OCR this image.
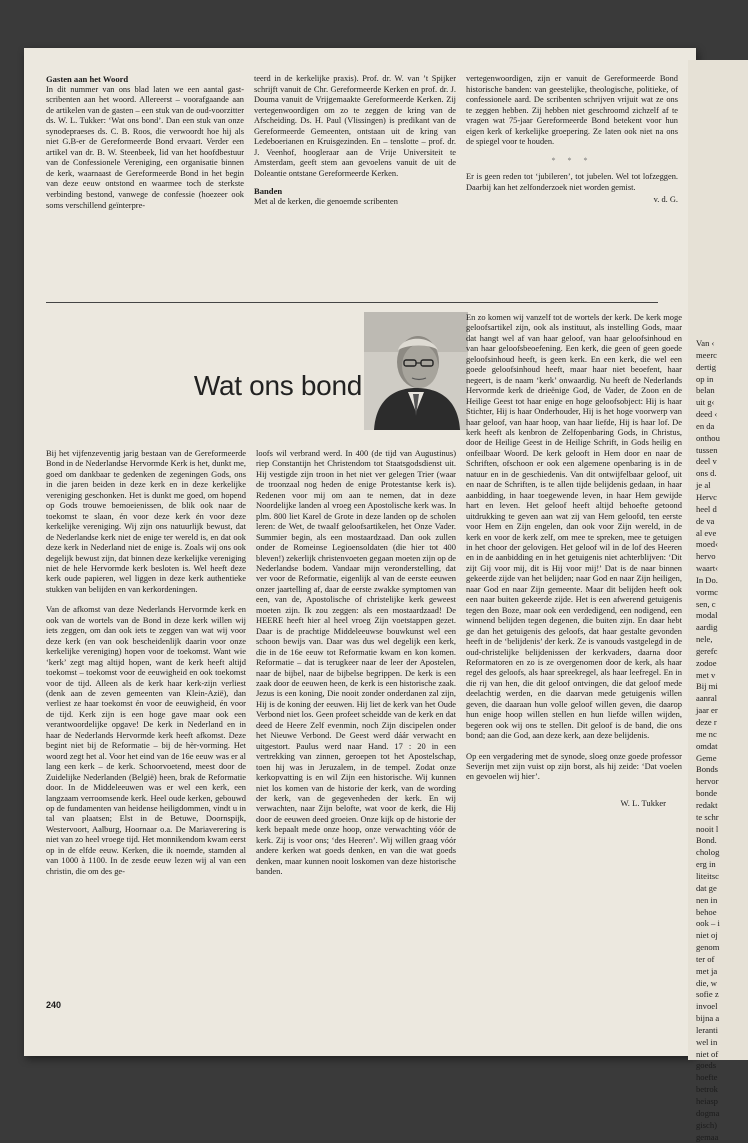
Gasten aan het Woord

In dit nummer van ons blad laten we een aantal gast-scribenten aan het woord. Allereerst – voorafgaande aan de artikelen van de gasten – een stuk van de oud-voorzitter ds. W. L. Tukker: ‘Wat ons bond’. Dan een stuk van onze synodepraeses ds. C. B. Roos, die verwoordt hoe hij als niet G.B-er de Gereformeerde Bond ervaart. Verder een artikel van dr. B. W. Steenbeek, lid van het hoofdbestuur van de Confessionele Vereniging, een organisatie binnen de kerk, waarnaast de Gereformeerde Bond in het begin van deze eeuw ontstond en waarmee toch de sterkste verbinding bestond, vanwege de confessie (hoezeer ook soms verschillend geïnterpre-

teerd in de kerkelijke praxis). Prof. dr. W. van ’t Spijker schrijft vanuit de Chr. Gereformeerde Kerken en prof. dr. J. Douma vanuit de Vrijgemaakte Gereformeerde Kerken. Zij vertegenwoordigen om zo te zeggen de kring van de Afscheiding. Ds. H. Paul (Vlissingen) is predikant van de Gereformeerde Gemeenten, ontstaan uit de kring van Ledeboerianen en Kruisgezinden. En – tenslotte – prof. dr. J. Veenhof, hoogleraar aan de Vrije Universiteit te Amsterdam, geeft stem aan gevoelens vanuit de uit de Doleantie ontstane Gereformeerde Kerken.

Banden

Met al de kerken, die genoemde scribenten

vertegenwoordigen, zijn er vanuit de Gereformeerde Bond historische banden: van geestelijke, theologische, politieke, of confessionele aard. De scribenten schrijven vrijuit wat ze ons te zeggen hebben. Zij hebben niet geschroomd zichzelf af te vragen wat 75-jaar Gereformeerde Bond betekent voor hun eigen kerk of kerkelijke groepering. Ze laten ook niet na ons de spiegel voor te houden.

* * *

Er is geen reden tot ‘jubileren’, tot jubelen. Wel tot lofzeggen. Daarbij kan het zelfonderzoek niet worden gemist.

v. d. G.
Wat ons bond

Bij het vijfenzeventig jarig bestaan van de Gereformeerde Bond in de Nederlandse Hervormde Kerk is het, dunkt me, goed om dankbaar te gedenken de zegeningen Gods, ons in die jaren beiden in deze kerk en in deze kerkelijke vereniging geschonken. Het is dunkt me goed, om hopend op Gods trouwe bemoeienissen, de blik ook naar de toekomst te slaan, én voor deze kerk én voor deze kerkelijke vereniging. Wij zijn ons natuurlijk bewust, dat de Nederlandse kerk niet de enige ter wereld is, en dat ook deze kerk in Nederland niet de enige is. Zoals wij ons ook degelijk bewust zijn, dat binnen deze kerkelijke vereniging niet de hele Hervormde kerk besloten is. Wel heeft deze kerk oude papieren, wel liggen in deze kerk authentieke stukken van belijden en van kerkordeningen.

Van de afkomst van deze Nederlands Hervormde kerk en ook van de wortels van de Bond in deze kerk willen wij iets zeggen, om dan ook iets te zeggen van wat wij voor deze kerk (en van ook bescheidenlijk daarin voor onze kerkelijke vereniging) hopen voor de toekomst. Want wie ‘kerk’ zegt mag altijd hopen, want de kerk heeft altijd toekomst – toekomst voor de eeuwigheid en ook toekomst voor de tijd. Alleen als de kerk haar kerk-zijn verliest (denk aan de zeven gemeenten van Klein-Azië), dan verliest ze haar toekomst én voor de eeuwigheid, én voor de tijd. Kerk zijn is een hoge gave maar ook een verantwoordelijke opgave! De kerk in Nederland en in haar de Nederlands Hervormde kerk heeft afkomst. Deze begint niet bij de Reformatie – bij de hèr-vorming. Het woord zegt het al. Voor het eind van de 16e eeuw was er al lang een kerk – de kerk. Schoorvoetend, meest door de Zuidelijke Nederlanden (België) heen, brak de Reformatie door. In de Middeleeuwen was er wel een kerk, een langzaam verroomsende kerk. Heel oude kerken, gebouwd op de fundamenten van heidense heiligdommen, vindt u in tal van plaatsen; Elst in de Betuwe, Doornspijk, Westervoort, Aalburg, Hoornaar o.a. De Mariaverering is niet van zo heel vroege tijd. Het monnikendom kwam eerst op in de elfde eeuw. Kerken, die ik noemde, stamden al van 1000 à 1100. In de zesde eeuw lezen wij al van een christin, die om des ge-

loofs wil verbrand werd. In 400 (de tijd van Augustinus) riep Constantijn het Christendom tot Staatsgodsdienst uit. Hij vestigde zijn troon in het niet ver gelegen Trier (waar de troonzaal nog heden de enige Protestantse kerk is). Redenen voor mij om aan te nemen, dat in deze Noordelijke landen al vroeg een Apostolische kerk was. In plm. 800 liet Karel de Grote in deze landen op de scholen leren: de Wet, de twaalf geloofsartikelen, het Onze Vader. Summier begin, als een mostaardzaad. Dan ook zullen onder de Romeinse Legioensoldaten (die hier tot 400 bleven!) zekerlijk christenvoeten gegaan moeten zijn op de Nederlandse bodem. Vandaar mijn veronderstelling, dat ver voor de Reformatie, eigenlijk al van de eerste eeuwen onzer jaartelling af, daar de eerste zwakke symptomen van een, van de, Apostolische of christelijke kerk geweest moeten zijn. Ik zou zeggen: als een mostaardzaad! De HEERE heeft hier al heel vroeg Zijn voetstappen gezet. Daar is de prachtige Middeleeuwse bouwkunst wel een schoon bewijs van. Daar was dus wel degelijk een kerk, die in de 16e eeuw tot Reformatie kwam en kon komen. Reformatie – dat is terugkeer naar de leer der Apostelen, naar de bijbel, naar de bijbelse begrippen. De kerk is een zaak door de eeuwen heen, de kerk is een historische zaak. Jezus is een koning, Die nooit zonder onderdanen zal zijn, Hij is de koning der eeuwen. Hij liet de kerk van het Oude Verbond niet los. Geen profeet scheidde van de kerk en dat deed de Heere Zelf evenmin, noch Zijn discipelen onder het Nieuwe Verbond. De Geest werd dáár verwacht en uitgestort. Paulus werd naar Hand. 17 : 20 in een vertrekking van zinnen, geroepen tot het Apostelschap, toen hij was in Jeruzalem, in de tempel. Zodat onze kerkopvatting is en wil Zijn een historische. Wij kunnen niet los komen van de historie der kerk, van de wording der kerk, van de gegevenheden der kerk. En wij verwachten, naar Zijn belofte, wat voor de kerk, die Hij door de eeuwen deed groeien. Onze kijk op de historie der kerk bepaalt mede onze hoop, onze verwachting vóór de kerk. Zij is voor ons; ‘des Heeren’. Wij willen graag vóór andere kerken wat goeds denken, en van die wat goeds denken, maar kunnen nooit loskomen van deze historische banden.

En zo komen wij vanzelf tot de wortels der kerk. De kerk moge geloofsartikel zijn, ook als instituut, als instelling Gods, maar dat hangt wel af van haar geloof, van haar geloofsinhoud en van haar geloofsbeoefening. Een kerk, die geen of geen goede geloofsinhoud heeft, is geen kerk. En een kerk, die wel een goede geloofsinhoud heeft, maar haar niet beoefent, haar negeert, is de naam ‘kerk’ onwaardig. Nu heeft de Nederlands Hervormde kerk de drieënige God, de Vader, de Zoon en de Heilige Geest tot haar enige en hoge geloofsobject: Hij is haar Stichter, Hij is haar Onderhouder, Hij is het hoge voorwerp van haar geloof, van haar hoop, van haar liefde, Hij is haar lof. De kerk heeft als kenbron de Zelfopenbaring Gods, in Christus, door de Heilige Geest in de Heilige Schrift, in Gods heilig en onfeilbaar Woord. De kerk gelooft in Hem door en naar de Schriften, ofschoon er ook een algemene openbaring is in de natuur en in de geschiedenis. Van dit ontwijfelbaar geloof, uit en naar de Schriften, is te allen tijde belijdenis gedaan, in haar aanbidding, in haar toegewende leven, in haar Hem gewijde hart en leven. Het geloof heeft altijd behoefte getoond uitdrukking te geven aan wat zij van Hem geloofd, ten eerste voor Hem en Zijn engelen, dan ook voor Zijn wereld, in de kerk en voor de kerk zelf, om mee te spreken, mee te getuigen in het choor der gelovigen. Het geloof wil in de lof des Heeren en in de aanbidding en in het getuigenis niet achterblijven: ‘Dit zijt Gij voor mij, dit is Hij voor mij!’ Dat is de naar binnen gekeerde zijde van het belijden; naar God en naar Zijn heiligen, naar God en naar Zijn gemeente. Maar dit belijden heeft ook een naar buiten gekeerde zijde. Het is een afwerend getuigenis tegen den Boze, maar ook een verdedigend, een nodigend, een winnend belijden tegen degenen, die buiten zijn. En daar hebt ge dan het getuigenis des geloofs, dat haar gestalte gevonden heeft in de ‘belijdenis’ der kerk. Ze is vanouds vastgelegd in de oud-christelijke belijdenissen der kerkvaders, daarna door Reformatoren en zo is ze overgenomen door de kerk, als haar regel des geloofs, als haar spreekregel, als haar leefregel. En in die rij van hen, die dit geloof ontvingen, die dat geloof mede deelachtig werden, en die daarvan mede getuigenis willen geven, die daaraan hun volle geloof willen geven, die daarop hun enige hoop willen stellen en hun liefde willen wijden, begeren ook wij ons te stellen. Dit geloof is de band, die ons bond; aan die God, aan deze kerk, aan deze belijdenis.

Op een vergadering met de synode, sloeg onze goede professor Severijn met zijn vuist op zijn borst, als hij zeide: ‘Dat voelen en gevoelen wij hier’.

W. L. Tukker
240
Van ‹
meerc
dertig
op in
belan
uit g‹
deed ‹
en da
onthou
tussen
deel v
ons d.
je al
Hervc
heel d
de va
al eve
moed‹
hervo
waart‹
In Do.
vormc
sen, c
modal
aardig
nele,
gerefc
zodoe
met v
Bij mi
aanral
jaar er
deze r
me nc
omdat
Geme
Bonds
hervor
bonde
redakt
te schr
nooit l
Bond.
cholog
erg in
liteitsc
dat ge
nen in
behoe
ook – i
niet oj
genom
ter of
met ja
die, w
sofie z
invoel
bijna a
leranti
wel in
niet of
goeds
hoefte
betrok
heiasp
dogma
gisch)
gemaa
